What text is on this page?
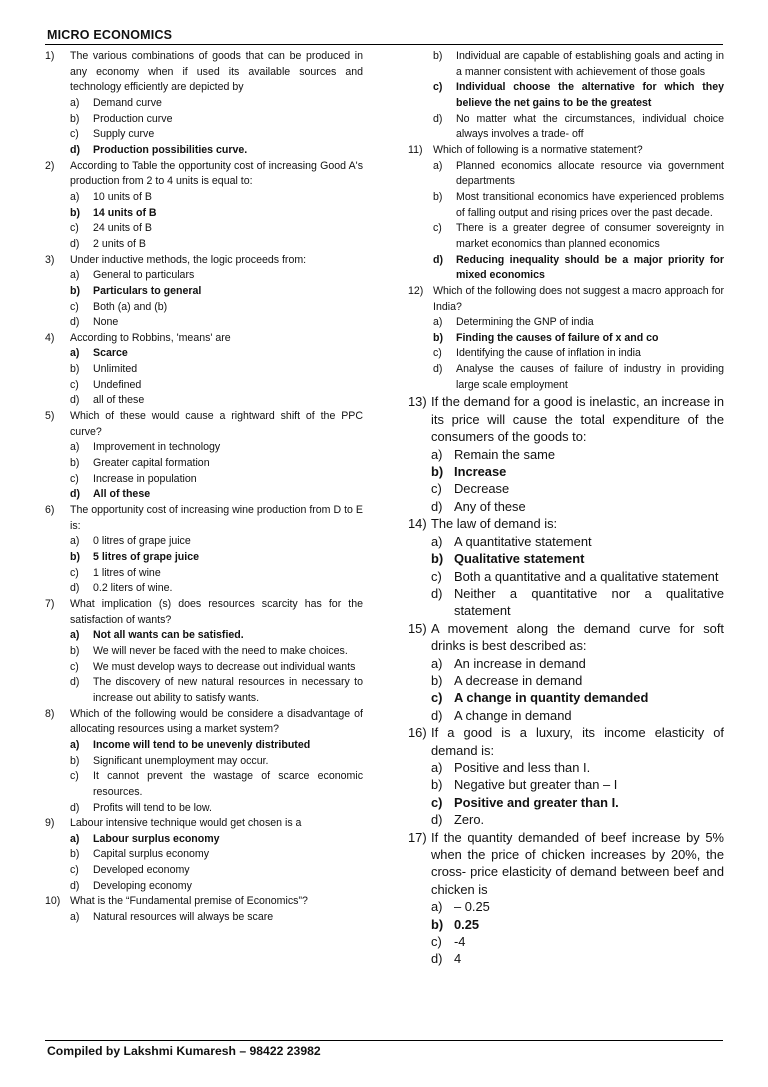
MICRO ECONOMICS
1)	The various combinations of goods that can be produced in any economy when if used its available sources and technology efficiently are depicted by
a)	Demand curve
b)	Production curve
c)	Supply curve
d)	Production possibilities curve.
2)	According to Table the opportunity cost of increasing Good A's production from 2 to 4 units is equal to:
a)	10 units of B
b)	14 units of B
c)	24 units of B
d)	2 units of B
3)	Under inductive methods, the logic proceeds from:
a)	General to particulars
b)	Particulars to general
c)	Both (a) and (b)
d)	None
4)	According to Robbins, 'means' are
a)	Scarce
b)	Unlimited
c)	Undefined
d)	all of these
5)	Which of these would cause a rightward shift of the PPC curve?
a)	Improvement in technology
b)	Greater capital formation
c)	Increase in population
d)	All of these
6)	The opportunity cost of increasing wine production from D to E is:
a)	0 litres of grape juice
b)	5 litres of grape juice
c)	1 litres of wine
d)	0.2 liters of wine.
7)	What implication (s) does resources scarcity has for the satisfaction of wants?
a)	Not all wants can be satisfied.
b)	We will never be faced with the need to make choices.
c)	We must develop ways to decrease out individual wants
d)	The discovery of new natural resources in necessary to increase out ability to satisfy wants.
8)	Which of the following would be considere a disadvantage of allocating resources using a market system?
a)	Income will tend to be unevenly distributed
b)	Significant unemployment may occur.
c)	It cannot prevent the wastage of scarce economic resources.
d)	Profits will tend to be low.
9)	Labour intensive technique would get chosen is a
a)	Labour surplus economy
b)	Capital surplus economy
c)	Developed economy
d)	Developing economy
10) What is the “Fundamental premise of Economics”?
a)	Natural resources will always be scare
b)	Individual are capable of establishing goals and acting in a manner consistent with achievement of those goals
c)	Individual choose the alternative for which they believe the net gains to be the greatest
d)	No matter what the circumstances, individual choice always involves a trade- off
11) Which of following is a normative statement?
a)	Planned economics allocate resource via government departments
b)	Most transitional economics have experienced problems of falling output and rising prices over the past decade.
c)	There is a greater degree of consumer sovereignty in market economics than planned economics
d)	Reducing inequality should be a major priority for mixed economics
12) Which of the following does not suggest a macro approach for India?
a)	Determining the GNP of india
b)	Finding the causes of failure of x and co
c)	Identifying the cause of inflation in india
d)	Analyse the causes of failure of industry in providing large scale employment
13) If the demand for a good is inelastic, an increase in its price will cause the total expenditure of the consumers of the goods to:
a) Remain the same
b) Increase
c) Decrease
d) Any of these
14) The law of demand is:
a) A quantitative statement
b) Qualitative statement
c) Both a quantitative and a qualitative statement
d) Neither a quantitative nor a qualitative statement
15) A movement along the demand curve for soft drinks is best described as:
a) An increase in demand
b) A decrease in demand
c) A change in quantity demanded
d) A change in demand
16) If a good is a luxury, its income elasticity of demand is:
a) Positive and less than I.
b) Negative but greater than – I
c) Positive and greater than I.
d) Zero.
17) If the quantity demanded of beef increase by 5% when the price of chicken increases by 20%, the cross- price elasticity of demand between beef and chicken is
a) – 0.25
b) 0.25
c) -4
d) 4
Compiled by Lakshmi Kumaresh – 98422 23982
